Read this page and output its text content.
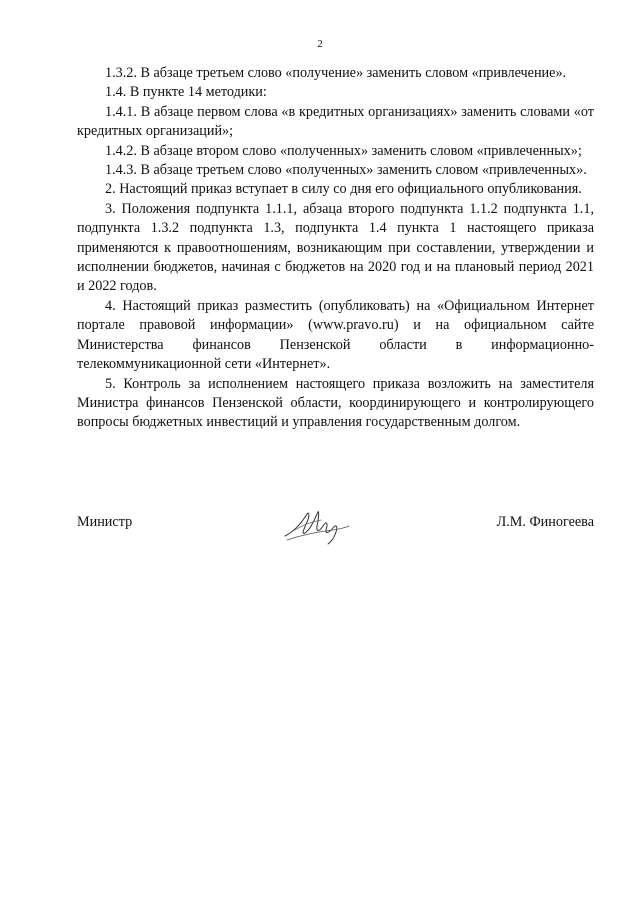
2

1.3.2. В абзаце третьем слово «получение» заменить словом «привлечение».

1.4. В пункте 14 методики:

1.4.1. В абзаце первом слова «в кредитных организациях» заменить словами «от кредитных организаций»;

1.4.2. В абзаце втором слово «полученных» заменить словом «привлеченных»;

1.4.3. В абзаце третьем слово «полученных» заменить словом «привлеченных».

2. Настоящий приказ вступает в силу со дня его официального опубликования.

3. Положения подпункта 1.1.1, абзаца второго подпункта 1.1.2 подпункта 1.1, подпункта 1.3.2 подпункта 1.3, подпункта 1.4 пункта 1 настоящего приказа применяются к правоотношениям, возникающим при составлении, утверждении и исполнении бюджетов, начиная с бюджетов на 2020 год и на плановый период 2021 и 2022 годов.

4. Настоящий приказ разместить (опубликовать) на «Официальном Интернет портале правовой информации» (www.pravo.ru) и на официальном сайте Министерства финансов Пензенской области в информационно-телекоммуникационной сети «Интернет».

5. Контроль за исполнением настоящего приказа возложить на заместителя Министра финансов Пензенской области, координирующего и контролирующего вопросы бюджетных инвестиций и управления государственным долгом.

Министр	Л.М. Финогеева
